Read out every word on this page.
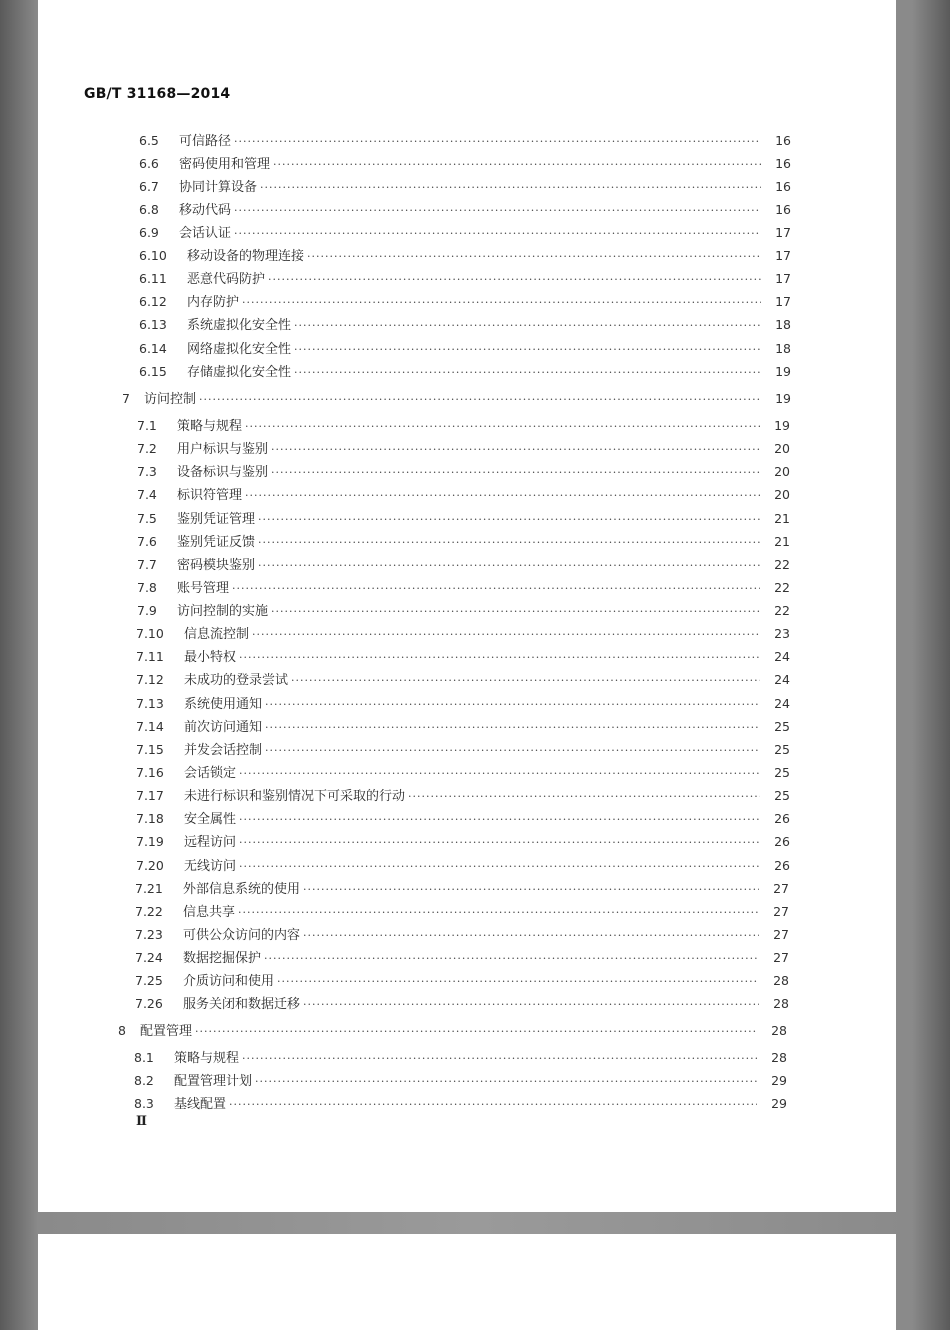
GB/T 31168—2014
6.5	可信路径 ·····	16
6.6	密码使用和管理 ·····	16
6.7	协同计算设备 ·····	16
6.8	移动代码 ·····	16
6.9	会话认证 ·····	17
6.10	移动设备的物理连接 ·····	17
6.11	恶意代码防护 ·····	17
6.12	内存防护 ·····	17
6.13	系统虚拟化安全性 ·····	18
6.14	网络虚拟化安全性 ·····	18
6.15	存储虚拟化安全性 ·····	19
7	访问控制 ·····	19
7.1	策略与规程 ·····	19
7.2	用户标识与鉴别 ·····	20
7.3	设备标识与鉴别 ·····	20
7.4	标识符管理 ·····	20
7.5	鉴别凭证管理 ·····	21
7.6	鉴别凭证反馈 ·····	21
7.7	密码模块鉴别 ·····	22
7.8	账号管理 ·····	22
7.9	访问控制的实施 ·····	22
7.10	信息流控制 ·····	23
7.11	最小特权 ·····	24
7.12	未成功的登录尝试 ·····	24
7.13	系统使用通知 ·····	24
7.14	前次访问通知 ·····	25
7.15	并发会话控制 ·····	25
7.16	会话锁定 ·····	25
7.17	未进行标识和鉴别情况下可采取的行动 ·····	25
7.18	安全属性 ·····	26
7.19	远程访问 ·····	26
7.20	无线访问 ·····	26
7.21	外部信息系统的使用 ·····	27
7.22	信息共享 ·····	27
7.23	可供公众访问的内容 ·····	27
7.24	数据挖掘保护 ·····	27
7.25	介质访问和使用 ·····	28
7.26	服务关闭和数据迁移 ·····	28
8	配置管理 ·····	28
8.1	策略与规程 ·····	28
8.2	配置管理计划 ·····	29
8.3	基线配置 ·····	29
Ⅱ
